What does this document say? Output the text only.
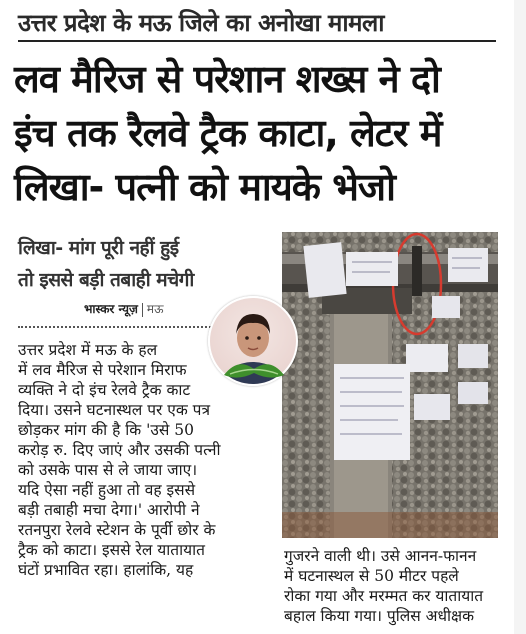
उत्तर प्रदेश के मऊ जिले का अनोखा मामला
लव मैरिज से परेशान शख्स ने दो
इंच तक रैलवे ट्रैक काटा, लेटर में
लिखा- पत्नी को मायके भेजो
लिखा- मांग पूरी नहीं हुई
तो इससे बड़ी तबाही मचेगी
भास्कर न्यूज़ मऊ
उत्तर प्रदेश में मऊ के हल
में लव मैरिज से परेशान मिराफ
व्यक्ति ने दो इंच रेलवे ट्रैक काट
दिया। उसने घटनास्थल पर एक पत्र
छोड़कर मांग की है कि 'उसे 50
करोड़ रु. दिए जाएं और उसकी पत्नी
को उसके पास से ले जाया जाए।
यदि ऐसा नहीं हुआ तो वह इससे
बड़ी तबाही मचा देगा।' आरोपी ने
रतनपुरा रेलवे स्टेशन के पूर्वी छोर के
ट्रैक को काटा। इससे रेल यातायात
घंटों प्रभावित रहा। हालांकि, यह
गुजरने वाली थी। उसे आनन-फानन
में घटनास्थल से 50 मीटर पहले
रोका गया और मरम्मत कर यातायात
बहाल किया गया। पुलिस अधीक्षक
